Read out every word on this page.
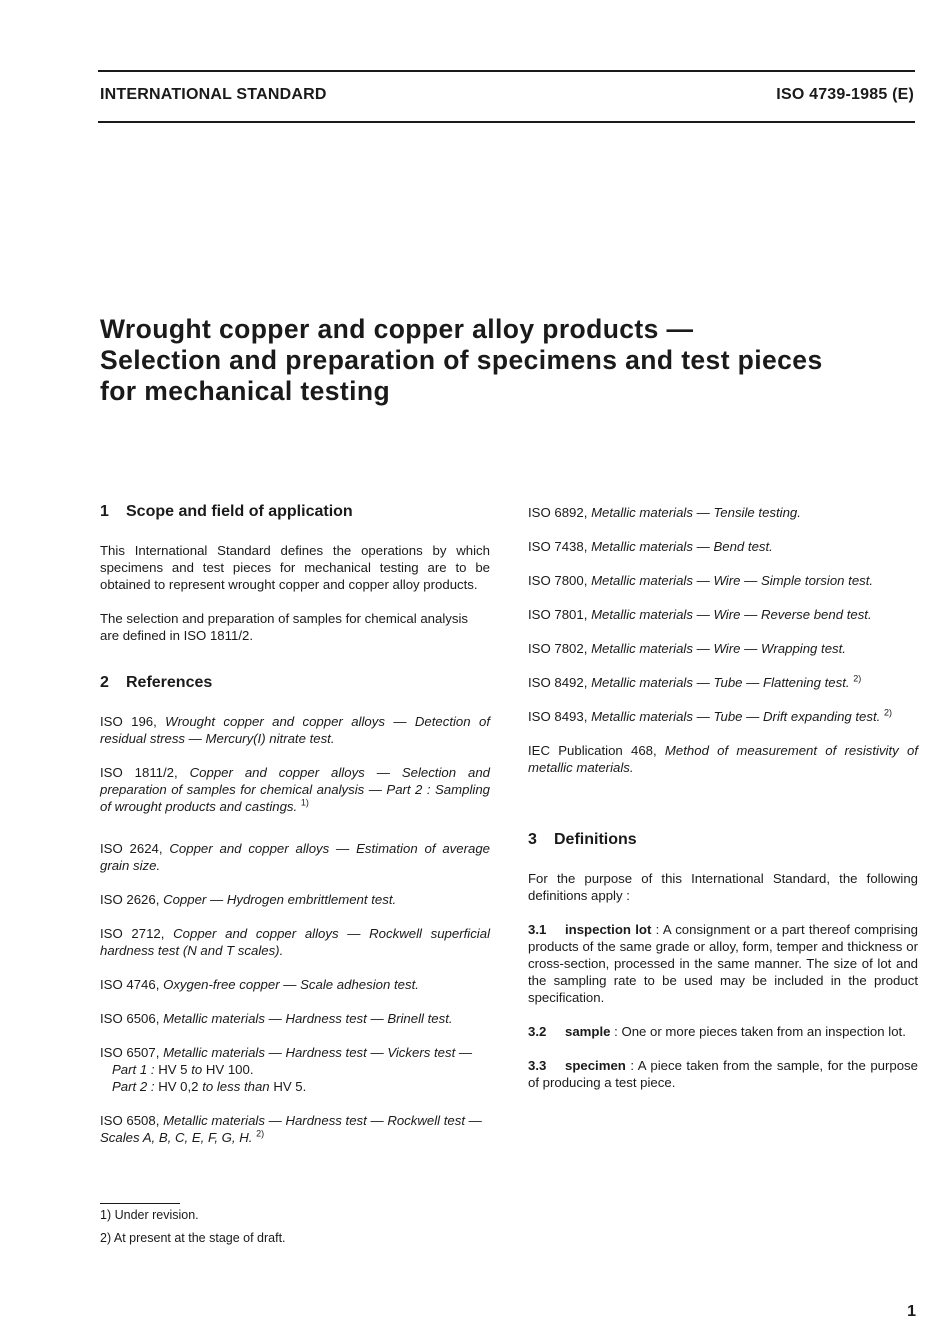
INTERNATIONAL STANDARD	ISO 4739-1985 (E)
Wrought copper and copper alloy products —
Selection and preparation of specimens and test pieces
for mechanical testing
1 Scope and field of application

This International Standard defines the operations by which specimens and test pieces for mechanical testing are to be obtained to represent wrought copper and copper alloy products.

The selection and preparation of samples for chemical analysis are defined in ISO 1811/2.

2 References
ISO 196, Wrought copper and copper alloys — Detection of residual stress — Mercury(I) nitrate test.
ISO 1811/2, Copper and copper alloys — Selection and preparation of samples for chemical analysis — Part 2 : Sampling of wrought products and castings. $^{1)}$
ISO 2624, Copper and copper alloys — Estimation of average grain size.
ISO 2626, Copper — Hydrogen embrittlement test.
ISO 2712, Copper and copper alloys — Rockwell superficial hardness test (N and T scales).
ISO 4746, Oxygen-free copper — Scale adhesion test.
ISO 6506, Metallic materials — Hardness test — Brinell test.
ISO 6507, Metallic materials — Hardness test — Vickers test —
Part 1 : HV 5 to HV 100.
Part 2 : HV 0,2 to less than HV 5.
ISO 6508, Metallic materials — Hardness test — Rockwell test — Scales A, B, C, E, F, G, H. $^{2)}$
ISO 6892, Metallic materials — Tensile testing.
ISO 7438, Metallic materials — Bend test.
ISO 7800, Metallic materials — Wire — Simple torsion test.
ISO 7801, Metallic materials — Wire — Reverse bend test.
ISO 7802, Metallic materials — Wire — Wrapping test.
ISO 8492, Metallic materials — Tube — Flattening test. $^{2)}$
ISO 8493, Metallic materials — Tube — Drift expanding test. $^{2)}$
IEC Publication 468, Method of measurement of resistivity of metallic materials.
3 Definitions

For the purpose of this International Standard, the following definitions apply :

3.1 inspection lot : A consignment or a part thereof comprising products of the same grade or alloy, form, temper and thickness or cross-section, processed in the same manner. The size of lot and the sampling rate to be used may be included in the product specification.

3.2 sample : One or more pieces taken from an inspection lot.

3.3 specimen : A piece taken from the sample, for the purpose of producing a test piece.

1) Under revision.
2) At present at the stage of draft.
1
